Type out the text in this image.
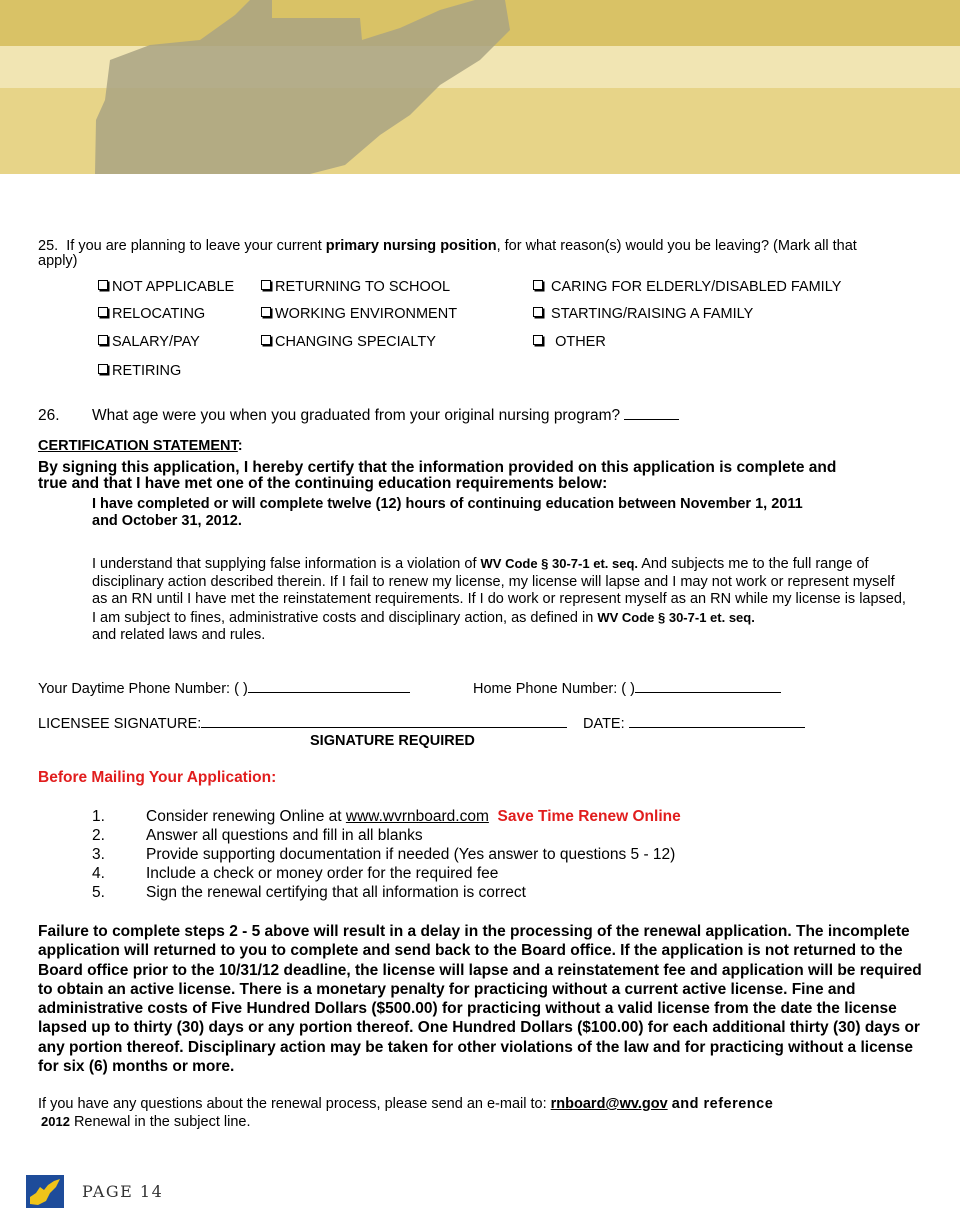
25. If you are planning to leave your current primary nursing position, for what reason(s) would you be leaving? (Mark all that
apply)
NOT APPLICABLE	RETURNING TO SCHOOL	CARING FOR ELDERLY/DISABLED FAMILY
RELOCATING	WORKING ENVIRONMENT	STARTING/RAISING A FAMILY
SALARY/PAY	CHANGING SPECIALTY	OTHER
RETIRING
26. What age were you when you graduated from your original nursing program?
CERTIFICATION STATEMENT:
By signing this application, I hereby certify that the information provided on this application is complete and
true and that I have met one of the continuing education requirements below:
I have completed or will complete twelve (12) hours of continuing education between November 1, 2011
and October 31, 2012.
I understand that supplying false information is a violation of WV Code § 30-7-1 et. seq. And subjects me to the full range of disciplinary action described therein. If I fail to renew my license, my license will lapse and I may not work or represent myself as an RN until I have met the reinstatement requirements. If I do work or represent myself as an RN while my license is lapsed, I am subject to fines, administrative costs and disciplinary action, as defined in WV Code § 30-7-1 et. seq.
and related laws and rules.
Your Daytime Phone Number: ( )	Home Phone Number: ( )
LICENSEE SIGNATURE:	DATE:
SIGNATURE REQUIRED
Before Mailing Your Application:
1.	Consider renewing Online at www.wvrnboard.com Save Time Renew Online
2.	Answer all questions and fill in all blanks
3.	Provide supporting documentation if needed (Yes answer to questions 5 - 12)
4.	Include a check or money order for the required fee
5.	Sign the renewal certifying that all information is correct
Failure to complete steps 2 - 5 above will result in a delay in the processing of the renewal application. The incomplete application will returned to you to complete and send back to the Board office. If the application is not returned to the Board office prior to the 10/31/12 deadline, the license will lapse and a reinstatement fee and application will be required to obtain an active license. There is a monetary penalty for practicing without a current active license. Fine and administrative costs of Five Hundred Dollars ($500.00) for practicing without a valid license from the date the license lapsed up to thirty (30) days or any portion thereof. One Hundred Dollars ($100.00) for each additional thirty (30) days or any portion thereof. Disciplinary action may be taken for other violations of the law and for practicing without a license for six (6) months or more.
If you have any questions about the renewal process, please send an e-mail to: rnboard@wv.gov and reference
2012 Renewal in the subject line.
PAGE 14
